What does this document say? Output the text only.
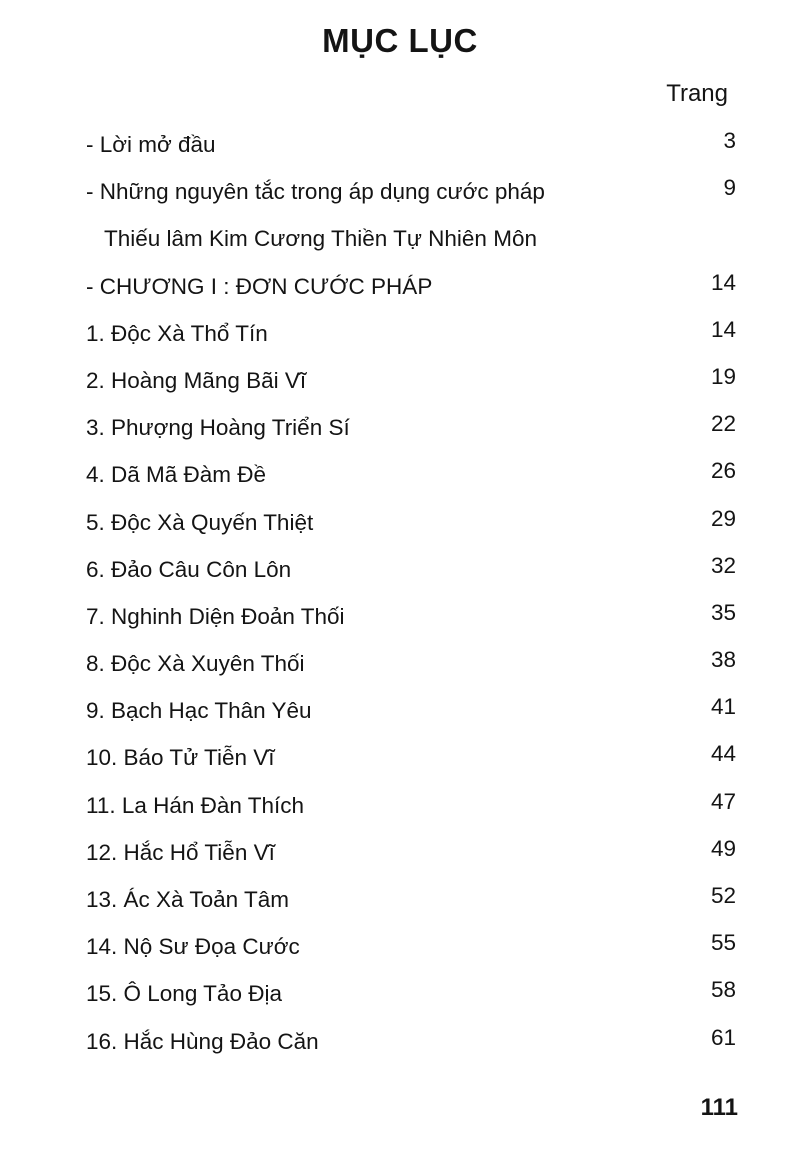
MỤC LỤC
Trang
- Lời mở đầu	3
- Những nguyên tắc trong áp dụng cước pháp	9
Thiếu lâm Kim Cương Thiền Tự Nhiên Môn
- CHƯƠNG I : ĐƠN CƯỚC PHÁP	14
1. Độc Xà Thổ Tín	14
2. Hoàng Mãng Bãi Vĩ	19
3. Phượng Hoàng Triển Sí	22
4. Dã Mã Đàm Đề	26
5. Độc Xà Quyến Thiệt	29
6. Đảo Câu Côn Lôn	32
7. Nghinh Diện Đoản Thối	35
8. Độc Xà Xuyên Thối	38
9. Bạch Hạc Thân Yêu	41
10. Báo Tử Tiễn Vĩ	44
11. La Hán Đàn Thích	47
12. Hắc Hổ Tiễn Vĩ	49
13. Ác Xà Toản Tâm	52
14. Nộ Sư Đọa Cước	55
15. Ô Long Tảo Địa	58
16. Hắc Hùng Đảo Căn	61
111
